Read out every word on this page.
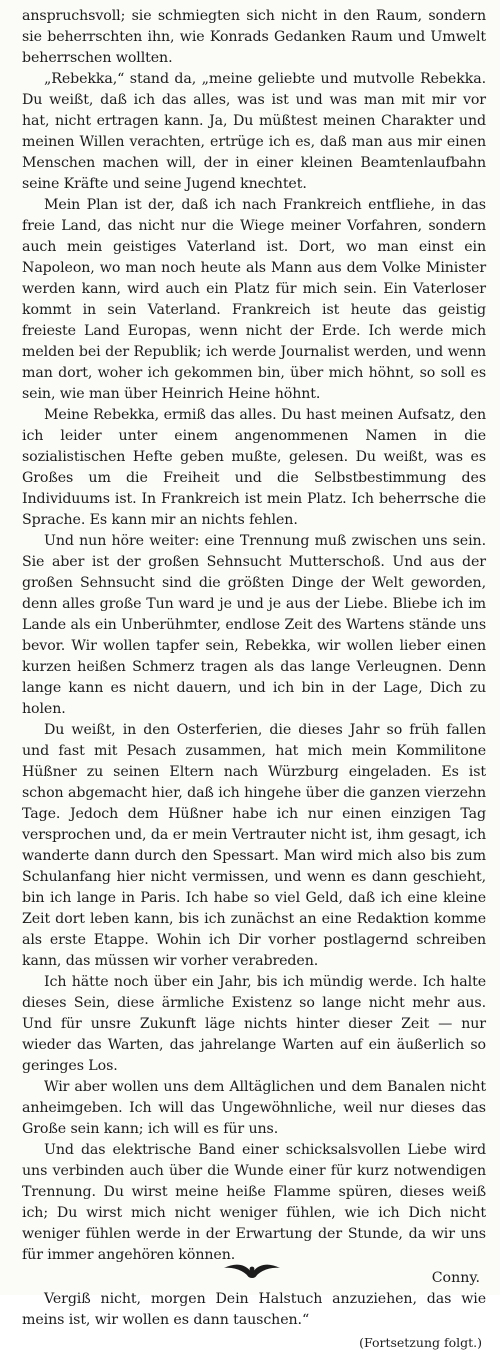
anspruchsvoll; sie schmiegten sich nicht in den Raum, sondern sie beherrschten ihn, wie Konrads Gedanken Raum und Umwelt beherrschen wollten.

„Rebekka,“ stand da, „meine geliebte und mutvolle Rebekka. Du weißt, daß ich das alles, was ist und was man mit mir vor hat, nicht ertragen kann. Ja, Du müßtest meinen Charakter und meinen Willen verachten, ertrüge ich es, daß man aus mir einen Menschen machen will, der in einer kleinen Beamtenlaufbahn seine Kräfte und seine Jugend knechtet.

Mein Plan ist der, daß ich nach Frankreich entfliehe, in das freie Land, das nicht nur die Wiege meiner Vorfahren, sondern auch mein geistiges Vaterland ist. Dort, wo man einst ein Napoleon, wo man noch heute als Mann aus dem Volke Minister werden kann, wird auch ein Platz für mich sein. Ein Vaterloser kommt in sein Vaterland. Frankreich ist heute das geistig freieste Land Europas, wenn nicht der Erde. Ich werde mich melden bei der Republik; ich werde Journalist werden, und wenn man dort, woher ich gekommen bin, über mich höhnt, so soll es sein, wie man über Heinrich Heine höhnt.

Meine Rebekka, ermiß das alles. Du hast meinen Aufsatz, den ich leider unter einem angenommenen Namen in die sozialistischen Hefte geben mußte, gelesen. Du weißt, was es Großes um die Freiheit und die Selbstbestimmung des Individuums ist. In Frankreich ist mein Platz. Ich beherrsche die Sprache. Es kann mir an nichts fehlen.

Und nun höre weiter: eine Trennung muß zwischen uns sein. Sie aber ist der großen Sehnsucht Mutterschoß. Und aus der großen Sehnsucht sind die größten Dinge der Welt geworden, denn alles große Tun ward je und je aus der Liebe. Bliebe ich im Lande als ein Unberühmter, endlose Zeit des Wartens stände uns bevor. Wir wollen tapfer sein, Rebekka, wir wollen lieber einen kurzen heißen Schmerz tragen als das lange Verleugnen. Denn lange kann es nicht dauern, und ich bin in der Lage, Dich zu holen.

Du weißt, in den Osterferien, die dieses Jahr so früh fallen und fast mit Pesach zusammen, hat mich mein Kommilitone Hüßner zu seinen Eltern nach Würzburg eingeladen. Es ist schon abgemacht hier, daß ich hingehe über die ganzen vierzehn Tage. Jedoch dem Hüßner habe ich nur einen einzigen Tag versprochen und, da er mein Vertrauter nicht ist, ihm gesagt, ich wanderte dann durch den Spessart. Man wird mich also bis zum Schulanfang hier nicht vermissen, und wenn es dann geschieht, bin ich lange in Paris. Ich habe so viel Geld, daß ich eine kleine Zeit dort leben kann, bis ich zunächst an eine Redaktion komme als erste Etappe. Wohin ich Dir vorher postlagernd schreiben kann, das müssen wir vorher verabreden.

Ich hätte noch über ein Jahr, bis ich mündig werde. Ich halte dieses Sein, diese ärmliche Existenz so lange nicht mehr aus. Und für unsre Zukunft läge nichts hinter dieser Zeit — nur wieder das Warten, das jahrelange Warten auf ein äußerlich so geringes Los.

Wir aber wollen uns dem Alltäglichen und dem Banalen nicht anheimgeben. Ich will das Ungewöhnliche, weil nur dieses das Große sein kann; ich will es für uns.

Und das elektrische Band einer schicksalsvollen Liebe wird uns verbinden auch über die Wunde einer für kurz notwendigen Trennung. Du wirst meine heiße Flamme spüren, dieses weiß ich; Du wirst mich nicht weniger fühlen, wie ich Dich nicht weniger fühlen werde in der Erwartung der Stunde, da wir uns für immer angehören können.

Conny.

Vergiß nicht, morgen Dein Halstuch anzuziehen, das wie meins ist, wir wollen es dann tauschen.“

(Fortsetzung folgt.)
